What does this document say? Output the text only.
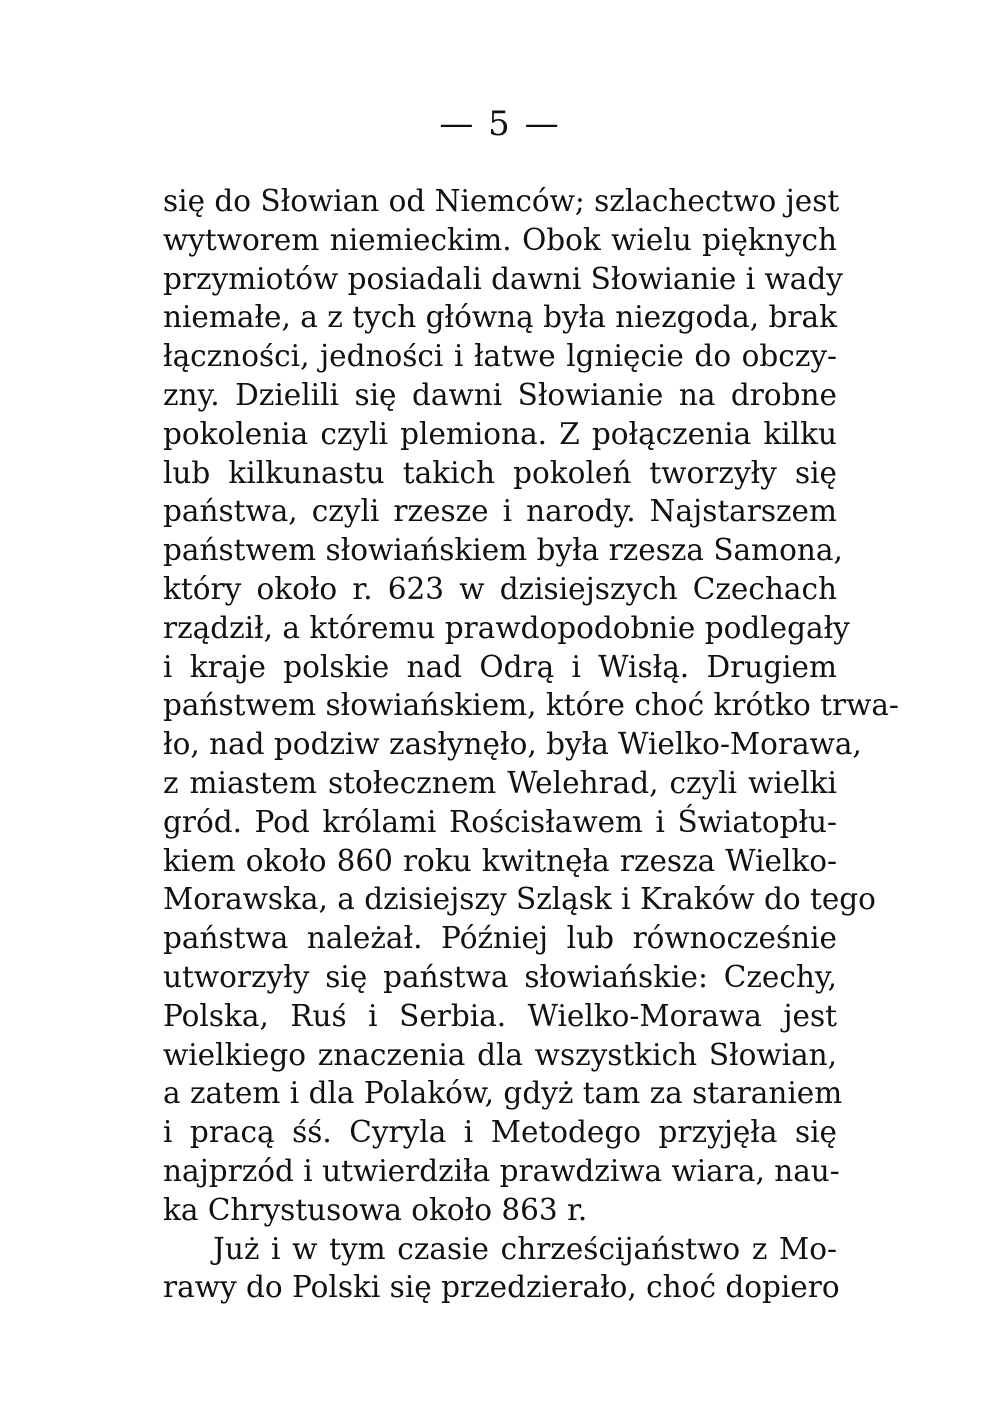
— 5 —
się do Słowian od Niemców; szlachectwo jest
wytworem niemieckim. Obok wielu pięknych
przymiotów posiadali dawni Słowianie i wady
niemałe, a z tych główną była niezgoda, brak
łączności, jedności i łatwe lgnięcie do obczy-
zny. Dzielili się dawni Słowianie na drobne
pokolenia czyli plemiona. Z połączenia kilku
lub kilkunastu takich pokoleń tworzyły się
państwa, czyli rzesze i narody. Najstarszem
państwem słowiańskiem była rzesza Samona,
który około r. 623 w dzisiejszych Czechach
rządził, a któremu prawdopodobnie podlegały
i kraje polskie nad Odrą i Wisłą. Drugiem
państwem słowiańskiem, które choć krótko trwa-
ło, nad podziw zasłynęło, była Wielko-Morawa,
z miastem stołecznem Welehrad, czyli wielki
gród. Pod królami Rościsławem i Światopłu-
kiem około 860 roku kwitnęła rzesza Wielko-
Morawska, a dzisiejszy Szląsk i Kraków do tego
państwa należał. Później lub równocześnie
utworzyły się państwa słowiańskie: Czechy,
Polska, Ruś i Serbia. Wielko-Morawa jest
wielkiego znaczenia dla wszystkich Słowian,
a zatem i dla Polaków, gdyż tam za staraniem
i pracą śś. Cyryla i Metodego przyjęła się
najprzód i utwierdziła prawdziwa wiara, nau-
ka Chrystusowa około 863 r.
Już i w tym czasie chrześcijaństwo z Mo-
rawy do Polski się przedzierało, choć dopiero
